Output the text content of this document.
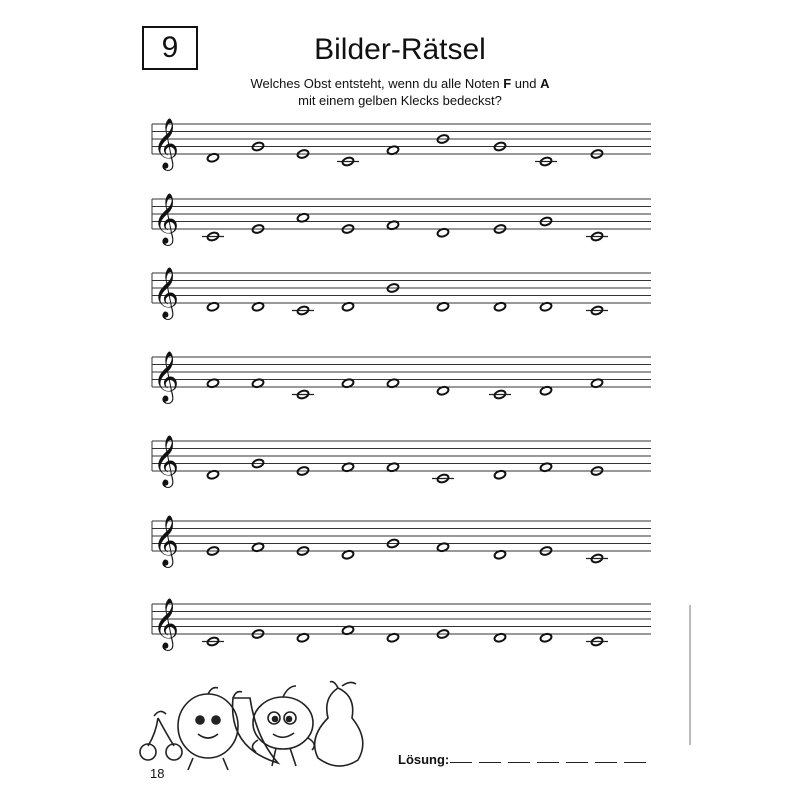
9	Bilder-Rätsel
Welches Obst entsteht, wenn du alle Noten F und A
mit einem gelben Klecks bedeckst?
𝄞
𝄞
𝄞
𝄞
𝄞
𝄞
𝄞
Lösung:
18
